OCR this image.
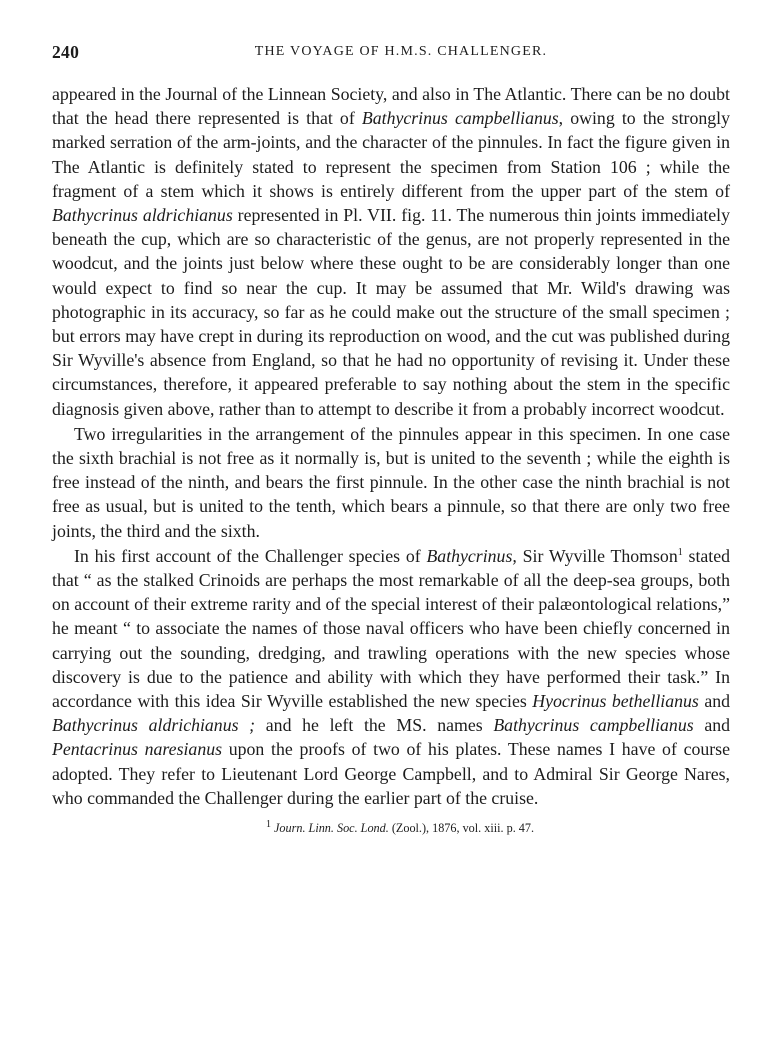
240	THE VOYAGE OF H.M.S. CHALLENGER.

appeared in the Journal of the Linnean Society, and also in The Atlantic. There can be no doubt that the head there represented is that of Bathycrinus campbellianus, owing to the strongly marked serration of the arm-joints, and the character of the pinnules. In fact the figure given in The Atlantic is definitely stated to represent the specimen from Station 106 ; while the fragment of a stem which it shows is entirely different from the upper part of the stem of Bathycrinus aldrichianus represented in Pl. VII. fig. 11. The numerous thin joints immediately beneath the cup, which are so characteristic of the genus, are not properly represented in the woodcut, and the joints just below where these ought to be are considerably longer than one would expect to find so near the cup. It may be assumed that Mr. Wild's drawing was photographic in its accuracy, so far as he could make out the structure of the small specimen ; but errors may have crept in during its reproduction on wood, and the cut was published during Sir Wyville's absence from England, so that he had no opportunity of revising it. Under these circumstances, therefore, it appeared preferable to say nothing about the stem in the specific diagnosis given above, rather than to attempt to describe it from a probably incorrect woodcut.

Two irregularities in the arrangement of the pinnules appear in this specimen. In one case the sixth brachial is not free as it normally is, but is united to the seventh ; while the eighth is free instead of the ninth, and bears the first pinnule. In the other case the ninth brachial is not free as usual, but is united to the tenth, which bears a pinnule, so that there are only two free joints, the third and the sixth.

In his first account of the Challenger species of Bathycrinus, Sir Wyville Thomson$^1$ stated that “ as the stalked Crinoids are perhaps the most remarkable of all the deep-sea groups, both on account of their extreme rarity and of the special interest of their palæontological relations,” he meant “ to associate the names of those naval officers who have been chiefly concerned in carrying out the sounding, dredging, and trawling operations with the new species whose discovery is due to the patience and ability with which they have performed their task.” In accordance with this idea Sir Wyville established the new species Hyocrinus bethellianus and Bathycrinus aldrichianus ; and he left the MS. names Bathycrinus campbellianus and Pentacrinus naresianus upon the proofs of two of his plates. These names I have of course adopted. They refer to Lieutenant Lord George Campbell, and to Admiral Sir George Nares, who commanded the Challenger during the earlier part of the cruise.

$^1$ Journ. Linn. Soc. Lond. (Zool.), 1876, vol. xiii. p. 47.
